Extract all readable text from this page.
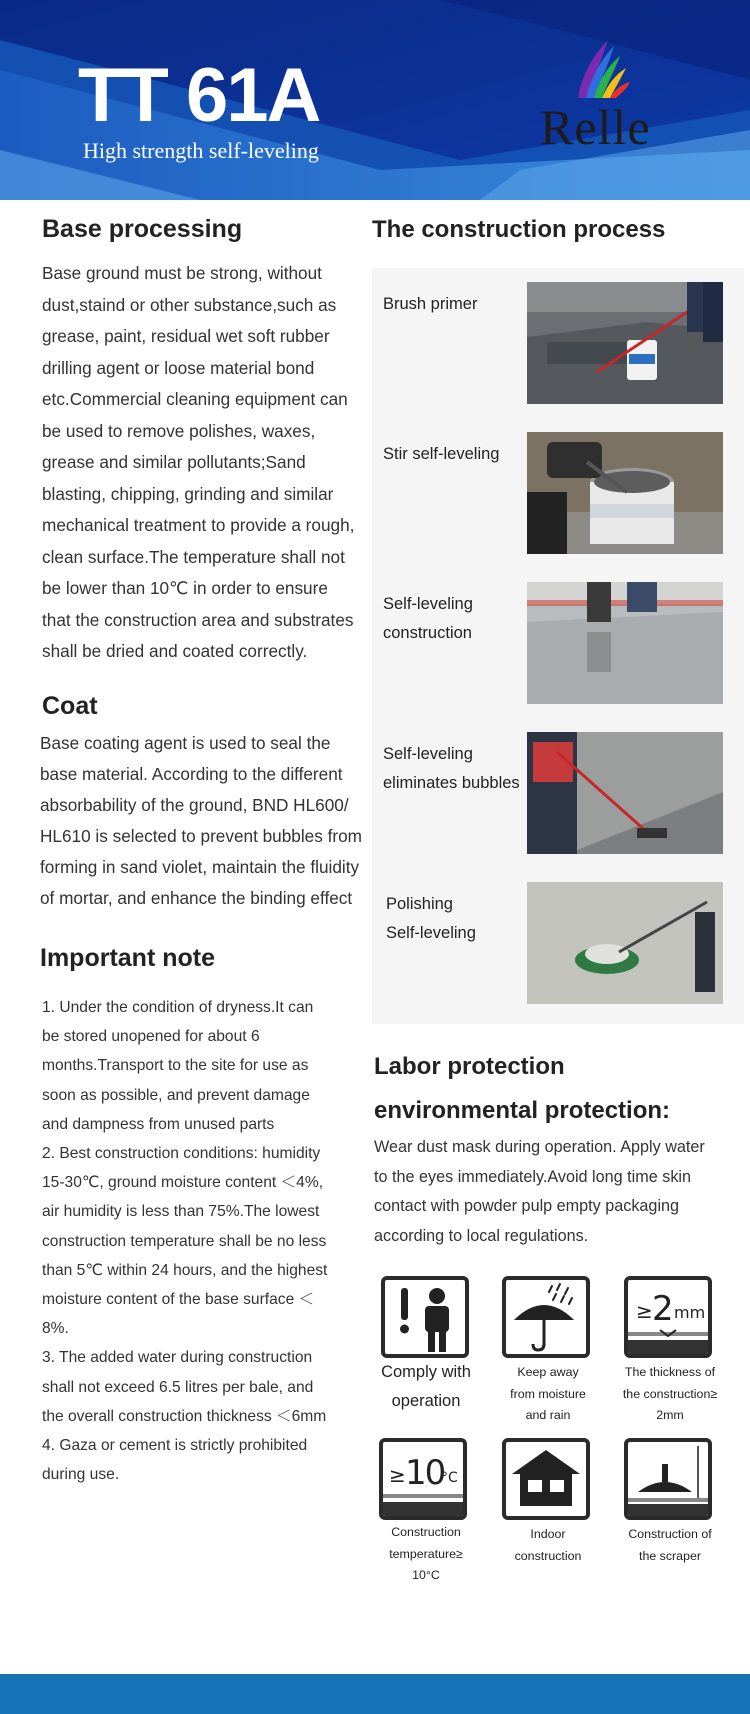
TT 61A
High strength self-leveling	Relle
Base processing
Base ground must be strong, without
dust,staind or other substance,such as
grease, paint, residual wet soft rubber
drilling agent or loose material bond
etc.Commercial cleaning equipment can
be used to remove polishes, waxes,
grease and similar pollutants;Sand
blasting, chipping, grinding and similar
mechanical treatment to provide a rough,
clean surface.The temperature shall not
be lower than 10℃ in order to ensure
that the construction area and substrates
shall be dried and coated correctly.
Coat
Base coating agent is used to seal the
base material. According to the different
absorbability of the ground, BND HL600/
HL610 is selected to prevent bubbles from
forming in sand violet, maintain the fluidity
of mortar, and enhance the binding effect
Important note
1. Under the condition of dryness.It can
be stored unopened for about 6
months.Transport to the site for use as
soon as possible, and prevent damage
and dampness from unused parts
2. Best construction conditions: humidity
15-30℃, ground moisture content ＜4%,
air humidity is less than 75%.The lowest
construction temperature shall be no less
than 5℃ within 24 hours, and the highest
moisture content of the base surface ＜
8%.
3. The added water during construction
shall not exceed 6.5 litres per bale, and
the overall construction thickness ＜6mm
4. Gaza or cement is strictly prohibited
during use.
The construction process
Brush primer
Stir self-leveling
Self-leveling
construction
Self-leveling
eliminates bubbles
Polishing
Self-leveling
Labor protection
environmental protection:
Wear dust mask during operation. Apply water
to the eyes immediately.Avoid long time skin
contact with powder pulp empty packaging
according to local regulations.
Comply with
operation
Keep away
from moisture
and rain
≥ 2 mm
The thickness of
the construction≥
2mm
≥ 10
°C
Construction
temperature≥
10°C
Indoor
construction
Construction of
the scraper
